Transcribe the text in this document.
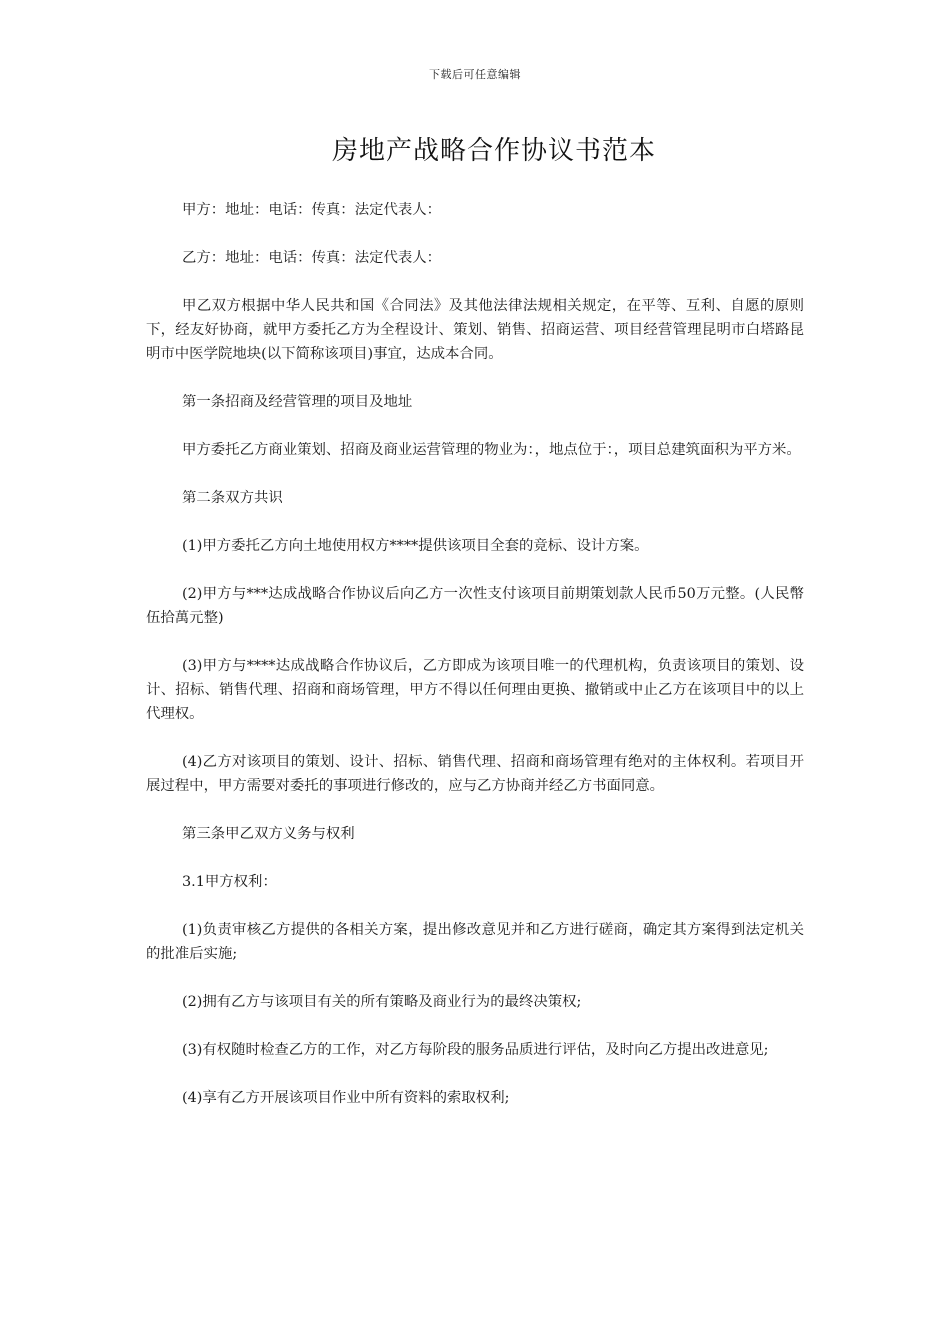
下载后可任意编辑
房地产战略合作协议书范本

甲方：地址：电话：传真：法定代表人：

乙方：地址：电话：传真：法定代表人：

甲乙双方根据中华人民共和国《合同法》及其他法律法规相关规定，在平等、互利、自愿的原则下，经友好协商，就甲方委托乙方为全程设计、策划、销售、招商运营、项目经营管理昆明市白塔路昆明市中医学院地块(以下简称该项目)事宜，达成本合同。

第一条招商及经营管理的项目及地址

甲方委托乙方商业策划、招商及商业运营管理的物业为：，地点位于：，项目总建筑面积为平方米。

第二条双方共识

(1)甲方委托乙方向土地使用权方****提供该项目全套的竞标、设计方案。

(2)甲方与***达成战略合作协议后向乙方一次性支付该项目前期策划款人民币50万元整。(人民幣伍拾萬元整)

(3)甲方与****达成战略合作协议后，乙方即成为该项目唯一的代理机构，负责该项目的策划、设计、招标、销售代理、招商和商场管理，甲方不得以任何理由更换、撤销或中止乙方在该项目中的以上代理权。

(4)乙方对该项目的策划、设计、招标、销售代理、招商和商场管理有绝对的主体权利。若项目开展过程中，甲方需要对委托的事项进行修改的，应与乙方协商并经乙方书面同意。

第三条甲乙双方义务与权利

3.1甲方权利：

(1)负责审核乙方提供的各相关方案，提出修改意见并和乙方进行磋商，确定其方案得到法定机关的批准后实施;

(2)拥有乙方与该项目有关的所有策略及商业行为的最终决策权;

(3)有权随时检查乙方的工作，对乙方每阶段的服务品质进行评估，及时向乙方提出改进意见;

(4)享有乙方开展该项目作业中所有资料的索取权利;
